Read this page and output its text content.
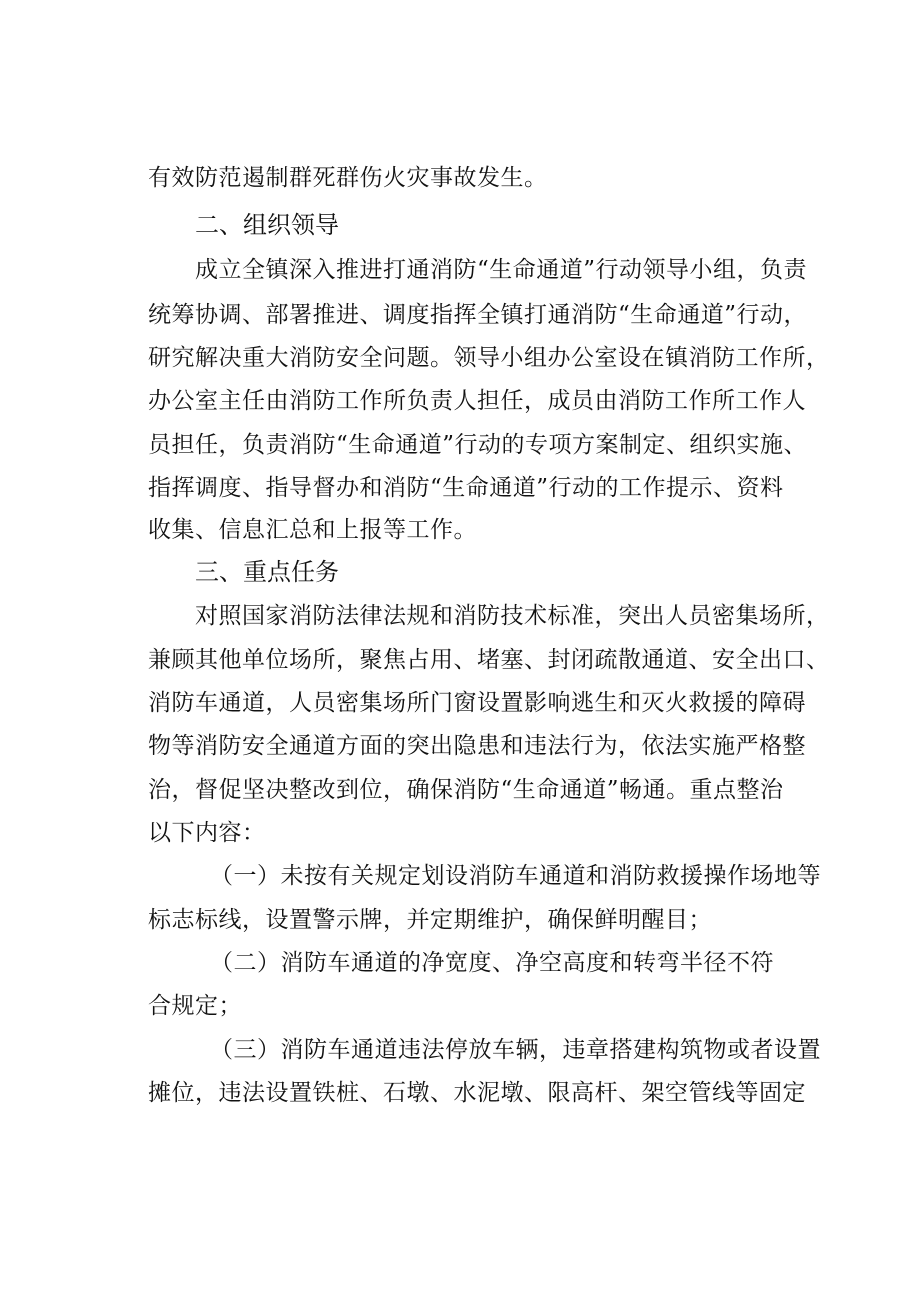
有效防范遏制群死群伤火灾事故发生。
二、组织领导
成立全镇深入推进打通消防“生命通道”行动领导小组，负责
统筹协调、部署推进、调度指挥全镇打通消防“生命通道”行动，
研究解决重大消防安全问题。领导小组办公室设在镇消防工作所，
办公室主任由消防工作所负责人担任，成员由消防工作所工作人
员担任，负责消防“生命通道”行动的专项方案制定、组织实施、
指挥调度、指导督办和消防“生命通道”行动的工作提示、资料
收集、信息汇总和上报等工作。
三、重点任务
对照国家消防法律法规和消防技术标准，突出人员密集场所，
兼顾其他单位场所，聚焦占用、堵塞、封闭疏散通道、安全出口、
消防车通道，人员密集场所门窗设置影响逃生和灭火救援的障碍
物等消防安全通道方面的突出隐患和违法行为，依法实施严格整
治，督促坚决整改到位，确保消防“生命通道”畅通。重点整治
以下内容：
（一）未按有关规定划设消防车通道和消防救援操作场地等
标志标线，设置警示牌，并定期维护，确保鲜明醒目；
（二）消防车通道的净宽度、净空高度和转弯半径不符
合规定；
（三）消防车通道违法停放车辆，违章搭建构筑物或者设置
摊位，违法设置铁桩、石墩、水泥墩、限高杆、架空管线等固定
